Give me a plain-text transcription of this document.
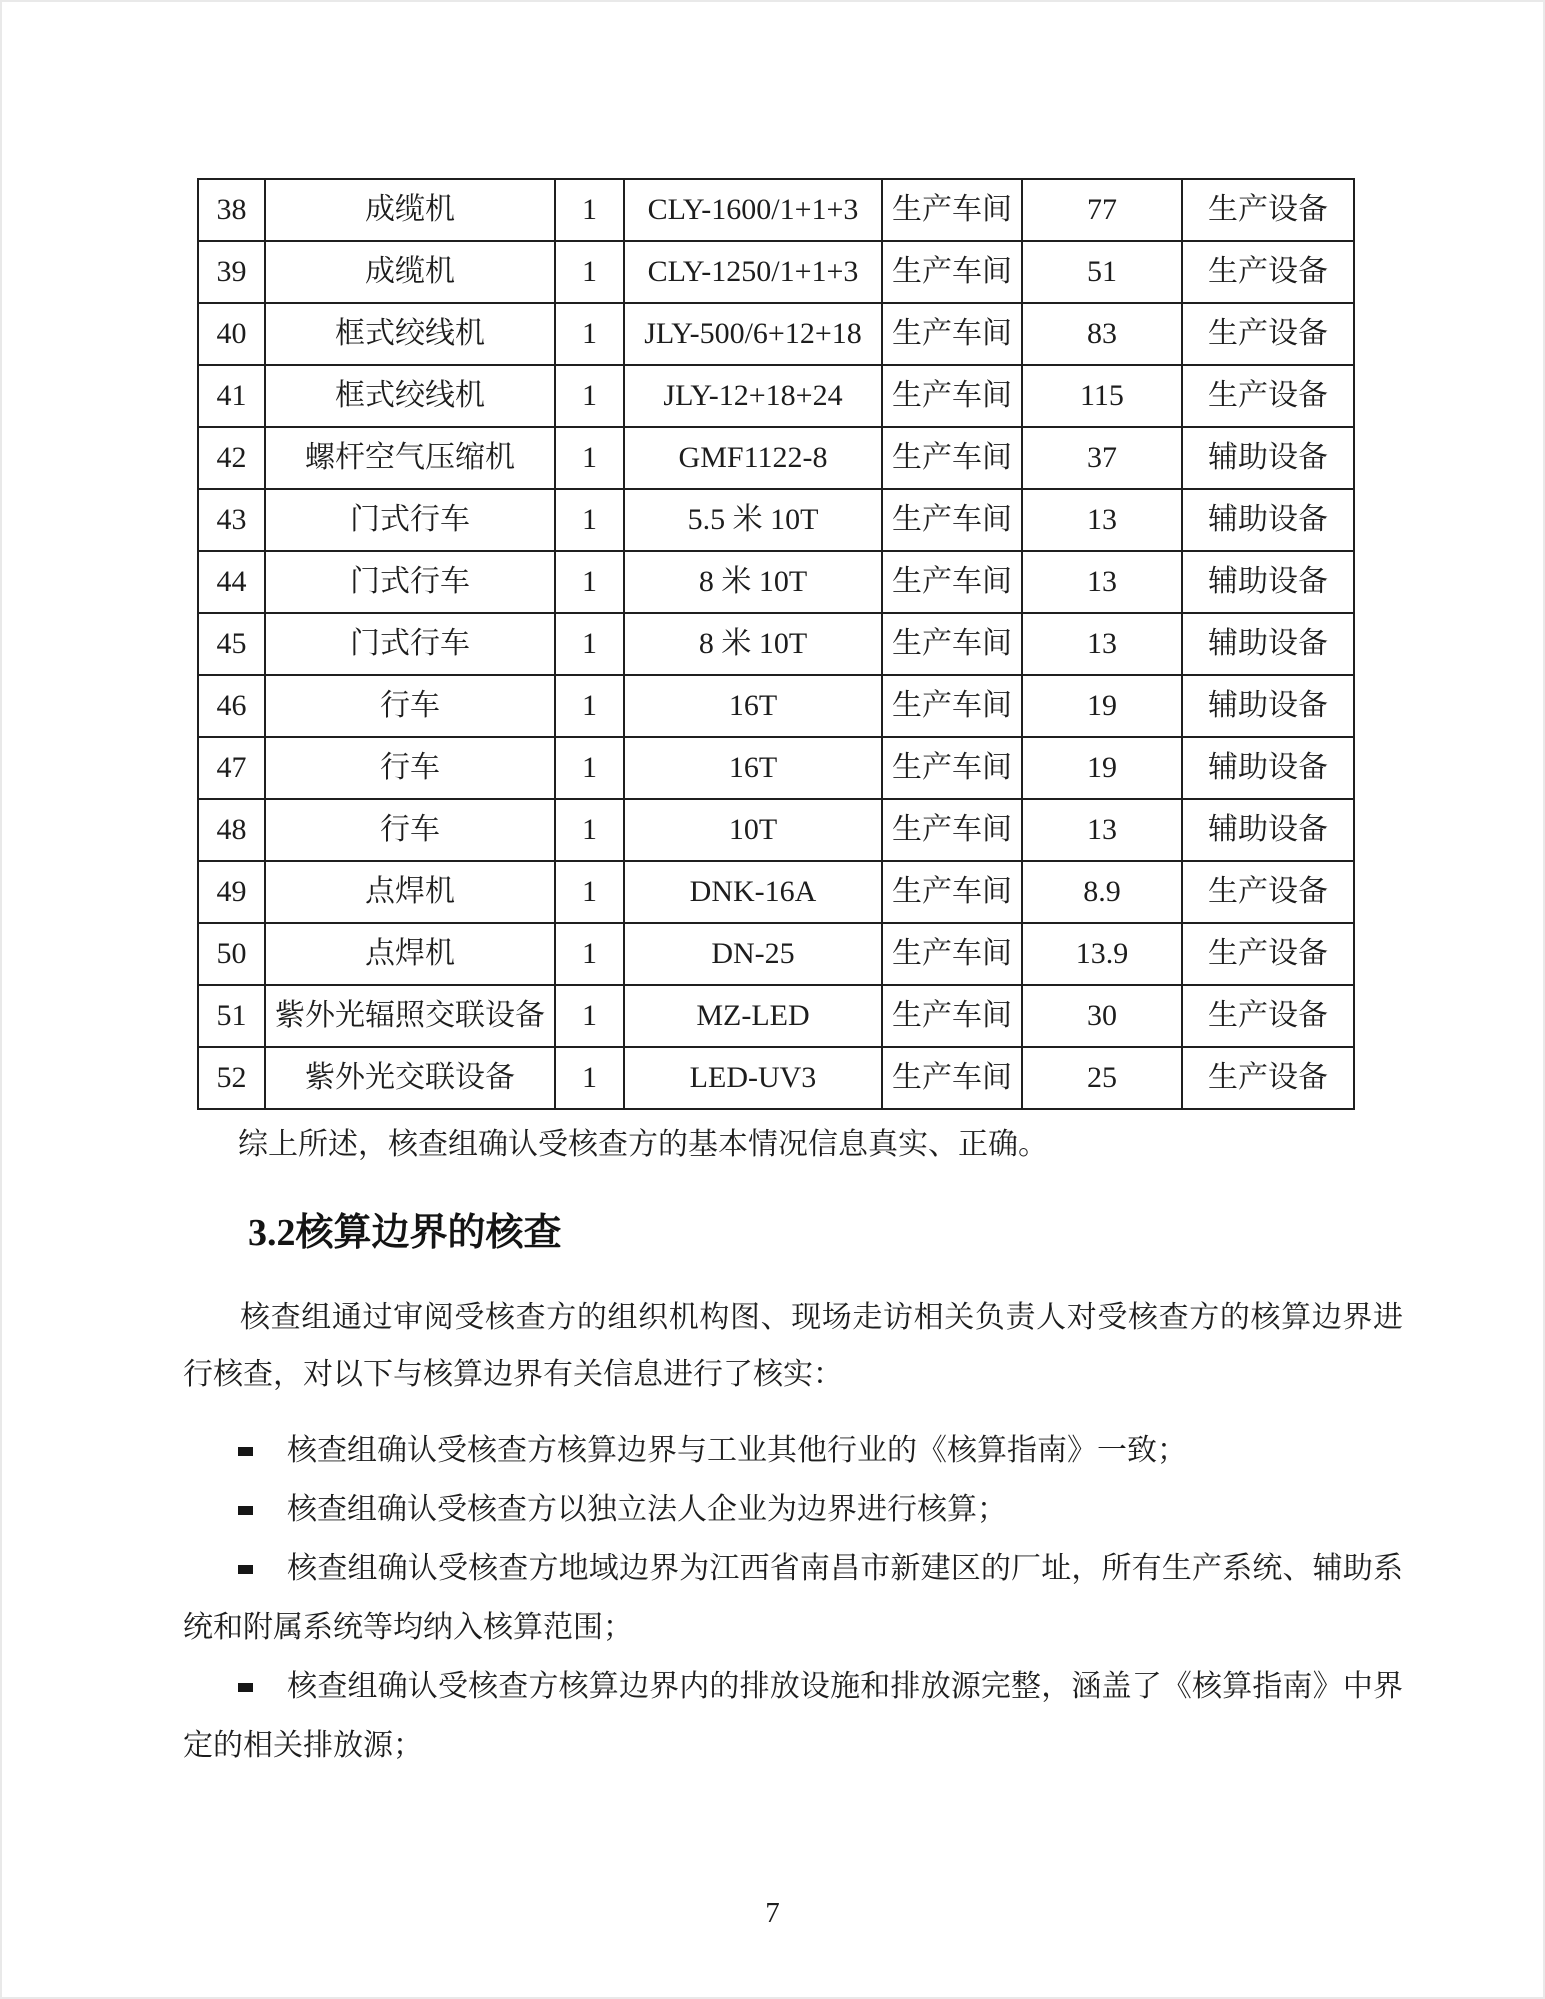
38	成缆机	1	CLY-1600/1+1+3	生产车间	77	生产设备
39	成缆机	1	CLY-1250/1+1+3	生产车间	51	生产设备
40	框式绞线机	1	JLY-500/6+12+18	生产车间	83	生产设备
41	框式绞线机	1	JLY-12+18+24	生产车间	115	生产设备
42	螺杆空气压缩机	1	GMF1122-8	生产车间	37	辅助设备
43	门式行车	1	5.5 米 10T	生产车间	13	辅助设备
44	门式行车	1	8 米 10T	生产车间	13	辅助设备
45	门式行车	1	8 米 10T	生产车间	13	辅助设备
46	行车	1	16T	生产车间	19	辅助设备
47	行车	1	16T	生产车间	19	辅助设备
48	行车	1	10T	生产车间	13	辅助设备
49	点焊机	1	DNK-16A	生产车间	8.9	生产设备
50	点焊机	1	DN-25	生产车间	13.9	生产设备
51	紫外光辐照交联设备	1	MZ-LED	生产车间	30	生产设备
52	紫外光交联设备	1	LED-UV3	生产车间	25	生产设备

综上所述，核查组确认受核查方的基本情况信息真实、正确。

3.2核算边界的核查

核查组通过审阅受核查方的组织机构图、现场走访相关负责人对受核查方的核算边界进行核查，对以下与核算边界有关信息进行了核实：

核查组确认受核查方核算边界与工业其他行业的《核算指南》一致；

核查组确认受核查方以独立法人企业为边界进行核算；

核查组确认受核查方地域边界为江西省南昌市新建区的厂址，所有生产系统、辅助系统和附属系统等均纳入核算范围；

核查组确认受核查方核算边界内的排放设施和排放源完整，涵盖了《核算指南》中界定的相关排放源；

7
